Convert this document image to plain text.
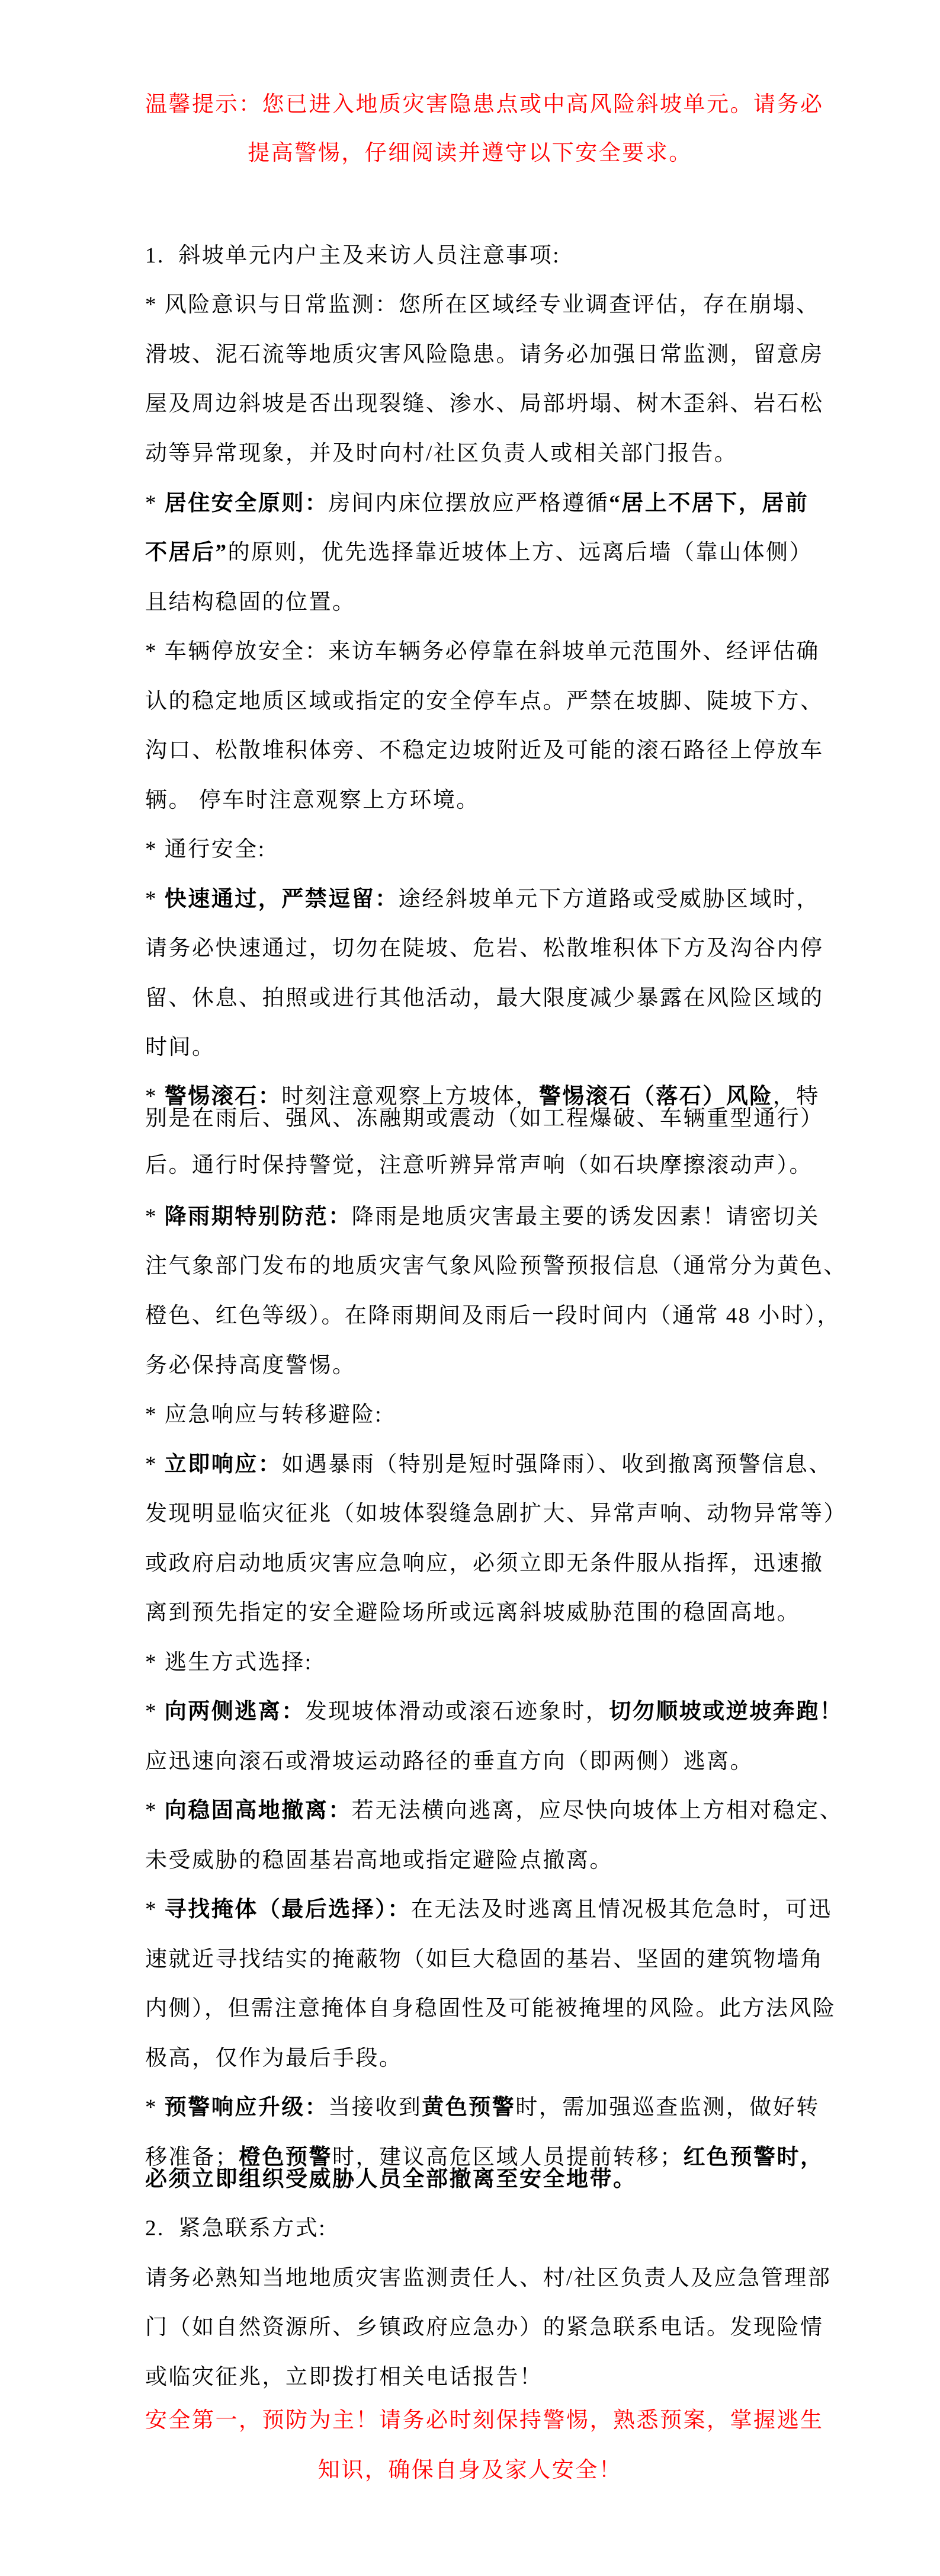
温馨提示：您已进入地质灾害隐患点或中高风险斜坡单元。请务必
提高警惕，仔细阅读并遵守以下安全要求。
1.  斜坡单元内户主及来访人员注意事项:
* 风险意识与日常监测：您所在区域经专业调查评估，存在崩塌、
滑坡、泥石流等地质灾害风险隐患。请务必加强日常监测，留意房
屋及周边斜坡是否出现裂缝、渗水、局部坍塌、树木歪斜、岩石松
动等异常现象，并及时向村/社区负责人或相关部门报告。
* 居住安全原则：房间内床位摆放应严格遵循“居上不居下，居前
不居后”的原则，优先选择靠近坡体上方、远离后墙（靠山体侧）
且结构稳固的位置。
* 车辆停放安全：来访车辆务必停靠在斜坡单元范围外、经评估确
认的稳定地质区域或指定的安全停车点。严禁在坡脚、陡坡下方、
沟口、松散堆积体旁、不稳定边坡附近及可能的滚石路径上停放车
辆。 停车时注意观察上方环境。
* 通行安全:
* 快速通过，严禁逗留：途经斜坡单元下方道路或受威胁区域时，
请务必快速通过，切勿在陡坡、危岩、松散堆积体下方及沟谷内停
留、休息、拍照或进行其他活动，最大限度减少暴露在风险区域的
时间。
* 警惕滚石：时刻注意观察上方坡体，警惕滚石（落石）风险，特
别是在雨后、强风、冻融期或震动（如工程爆破、车辆重型通行）
后。通行时保持警觉，注意听辨异常声响（如石块摩擦滚动声）。
* 降雨期特别防范：降雨是地质灾害最主要的诱发因素！请密切关
注气象部门发布的地质灾害气象风险预警预报信息（通常分为黄色、
橙色、红色等级）。在降雨期间及雨后一段时间内（通常 48 小时），
务必保持高度警惕。
* 应急响应与转移避险:
* 立即响应：如遇暴雨（特别是短时强降雨）、收到撤离预警信息、
发现明显临灾征兆（如坡体裂缝急剧扩大、异常声响、动物异常等）
或政府启动地质灾害应急响应，必须立即无条件服从指挥，迅速撤
离到预先指定的安全避险场所或远离斜坡威胁范围的稳固高地。
* 逃生方式选择:
* 向两侧逃离：发现坡体滑动或滚石迹象时，切勿顺坡或逆坡奔跑！
应迅速向滚石或滑坡运动路径的垂直方向（即两侧）逃离。
* 向稳固高地撤离：若无法横向逃离，应尽快向坡体上方相对稳定、
未受威胁的稳固基岩高地或指定避险点撤离。
* 寻找掩体（最后选择）：在无法及时逃离且情况极其危急时，可迅
速就近寻找结实的掩蔽物（如巨大稳固的基岩、坚固的建筑物墙角
内侧），但需注意掩体自身稳固性及可能被掩埋的风险。此方法风险
极高，仅作为最后手段。
* 预警响应升级：当接收到黄色预警时，需加强巡查监测，做好转
移准备；橙色预警时，建议高危区域人员提前转移；红色预警时，
必须立即组织受威胁人员全部撤离至安全地带。
2.  紧急联系方式:
请务必熟知当地地质灾害监测责任人、村/社区负责人及应急管理部
门（如自然资源所、乡镇政府应急办）的紧急联系电话。发现险情
或临灾征兆，立即拨打相关电话报告！
安全第一，预防为主！请务必时刻保持警惕，熟悉预案，掌握逃生
知识，确保自身及家人安全！
